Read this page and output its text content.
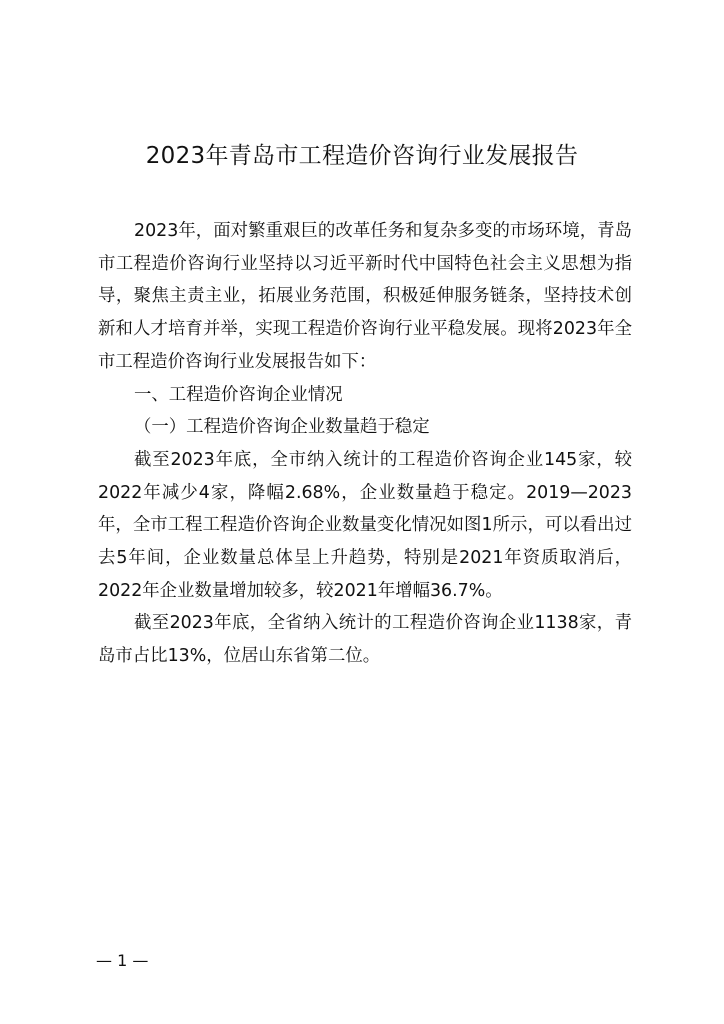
2023年青岛市工程造价咨询行业发展报告

2023年，面对繁重艰巨的改革任务和复杂多变的市场环境，青岛市工程造价咨询行业坚持以习近平新时代中国特色社会主义思想为指导，聚焦主责主业，拓展业务范围，积极延伸服务链条，坚持技术创新和人才培育并举，实现工程造价咨询行业平稳发展。现将2023年全市工程造价咨询行业发展报告如下：

一、工程造价咨询企业情况

（一）工程造价咨询企业数量趋于稳定

截至2023年底，全市纳入统计的工程造价咨询企业145家，较2022年减少4家，降幅2.68%，企业数量趋于稳定。2019—2023年，全市工程工程造价咨询企业数量变化情况如图1所示，可以看出过去5年间，企业数量总体呈上升趋势，特别是2021年资质取消后，2022年企业数量增加较多，较2021年增幅36.7%。

截至2023年底，全省纳入统计的工程造价咨询企业1138家，青岛市占比13%，位居山东省第二位。

— 1 —
